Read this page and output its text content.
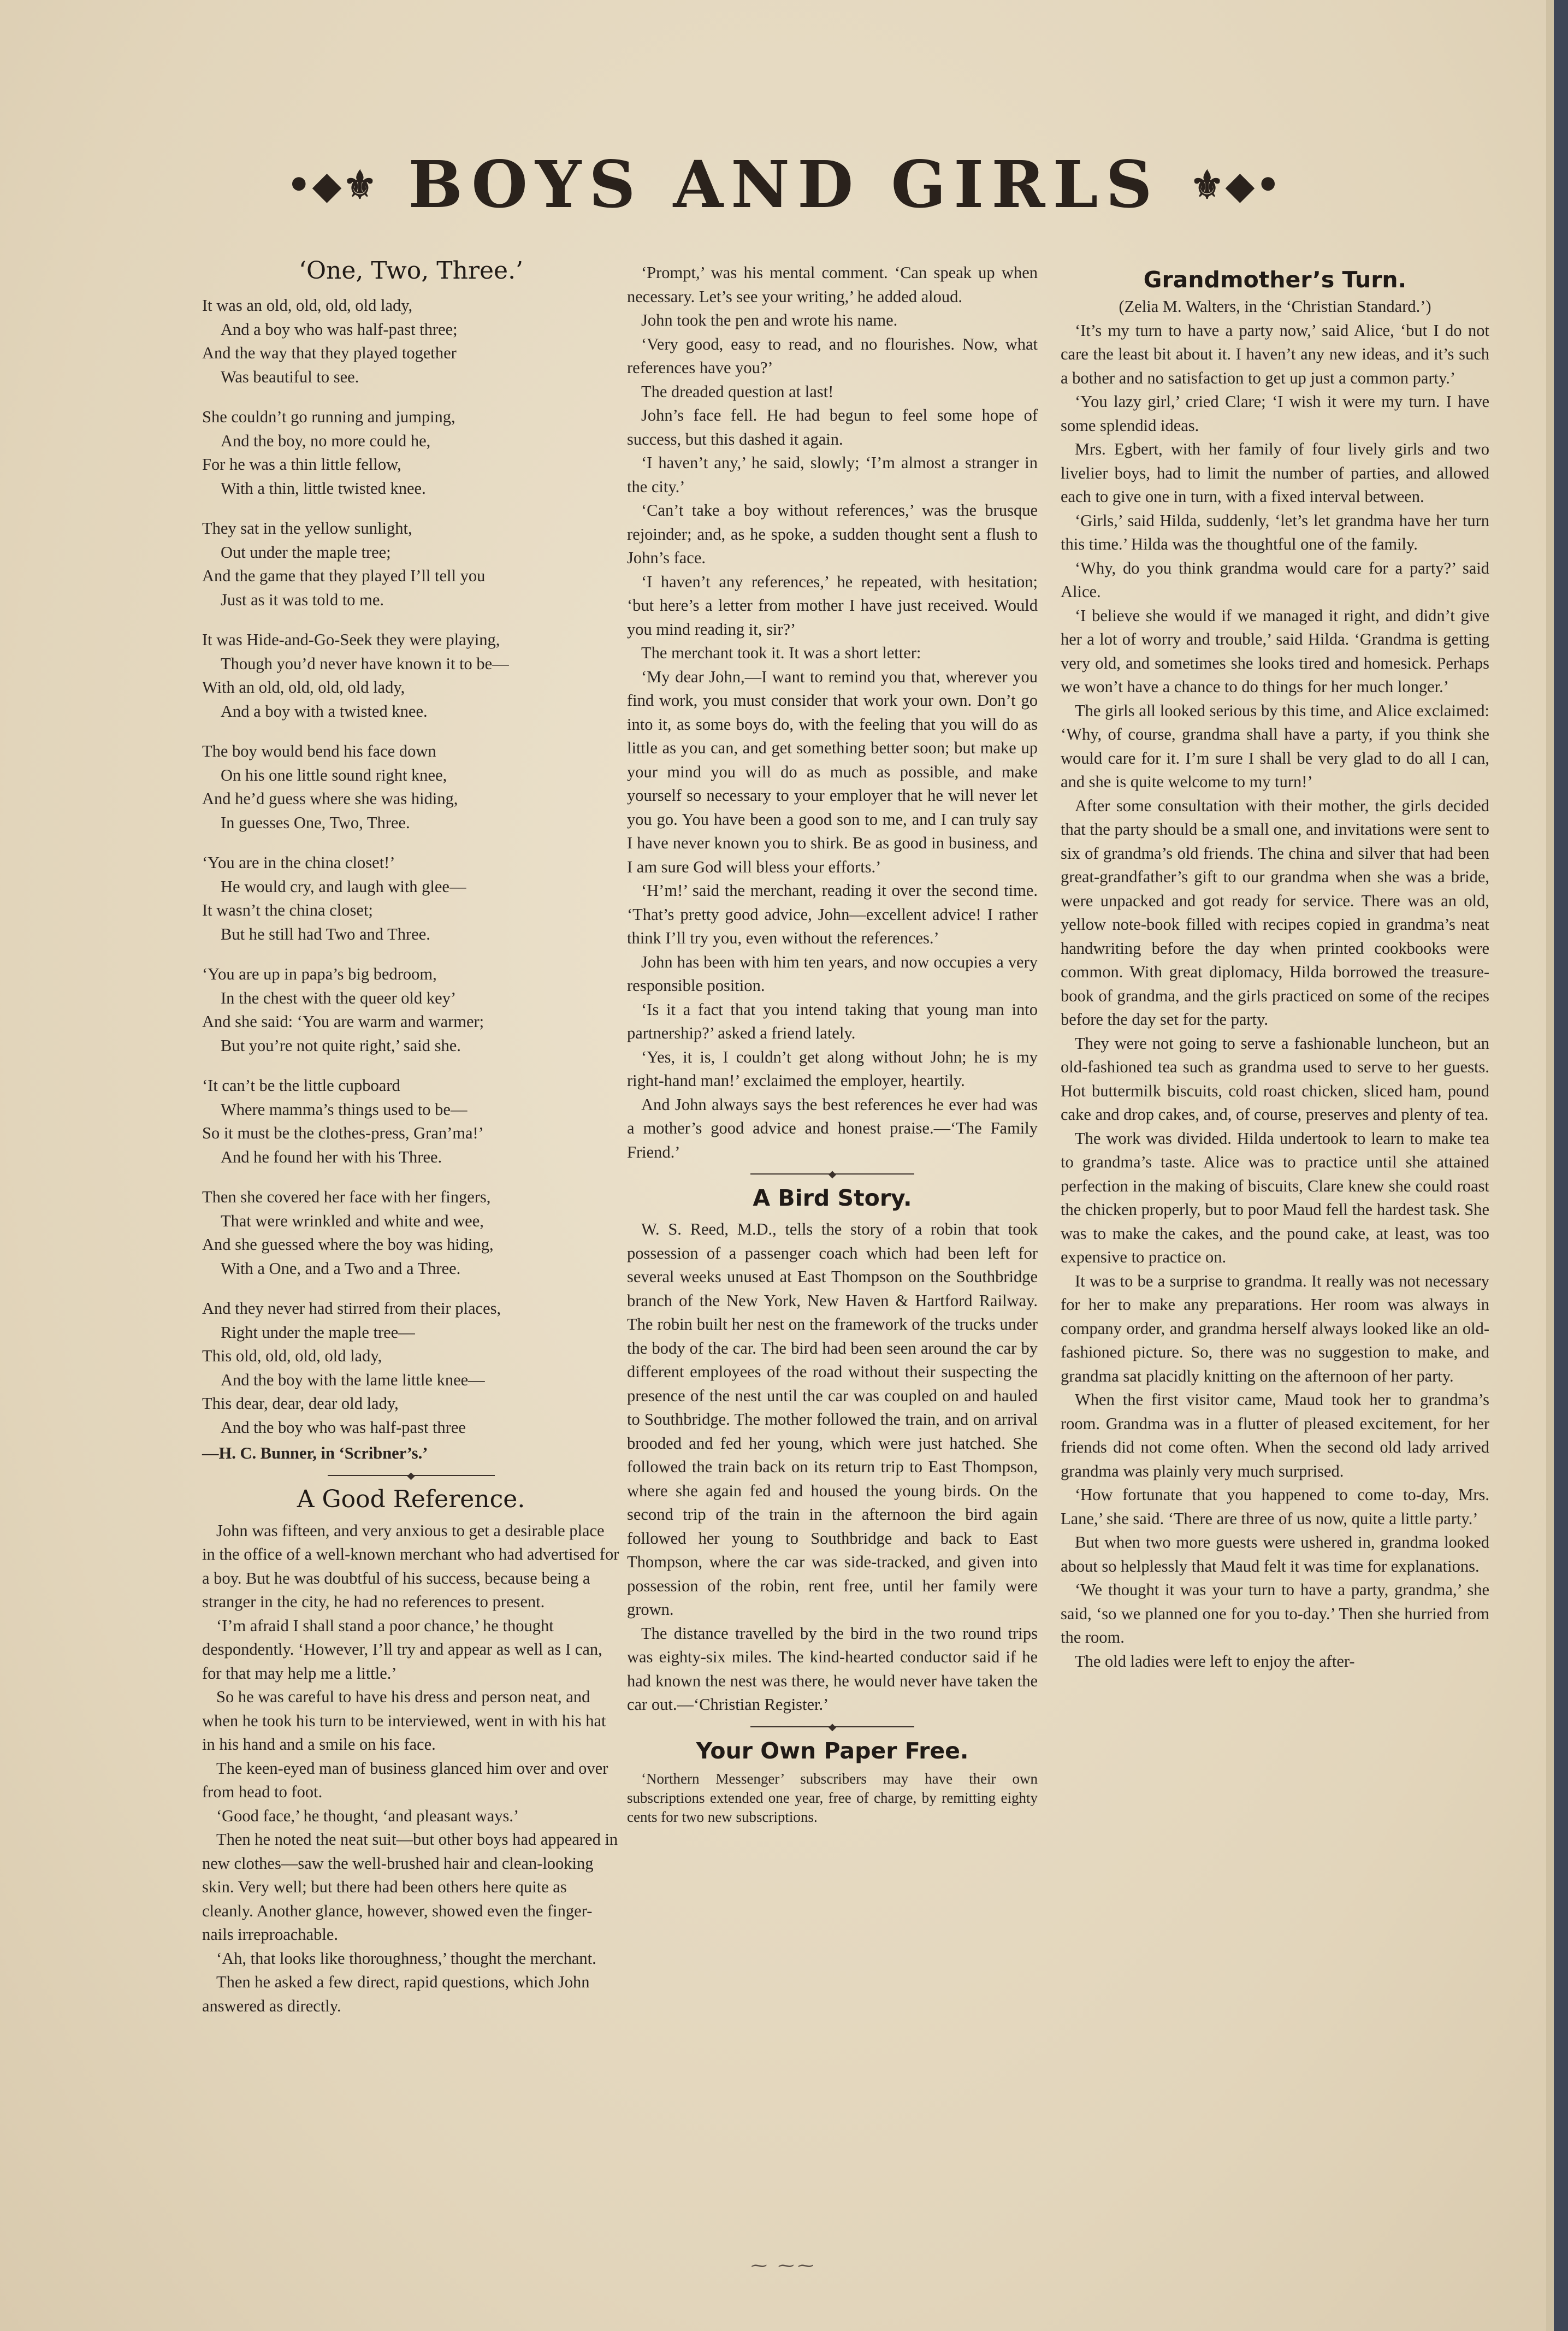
•◆⚜ BOYS AND GIRLS ⚜◆•
‘One, Two, Three.’

It was an old, old, old, old lady,

And a boy who was half-past three;

And the way that they played together

Was beautiful to see.

She couldn’t go running and jumping,

And the boy, no more could he,

For he was a thin little fellow,

With a thin, little twisted knee.

They sat in the yellow sunlight,

Out under the maple tree;

And the game that they played I’ll tell you

Just as it was told to me.

It was Hide-and-Go-Seek they were playing,

Though you’d never have known it to be—

With an old, old, old, old lady,

And a boy with a twisted knee.

The boy would bend his face down

On his one little sound right knee,

And he’d guess where she was hiding,

In guesses One, Two, Three.

‘You are in the china closet!’

He would cry, and laugh with glee—

It wasn’t the china closet;

But he still had Two and Three.

‘You are up in papa’s big bedroom,

In the chest with the queer old key’

And she said: ‘You are warm and warmer;

But you’re not quite right,’ said she.

‘It can’t be the little cupboard

Where mamma’s things used to be—

So it must be the clothes-press, Gran’ma!’

And he found her with his Three.

Then she covered her face with her fingers,

That were wrinkled and white and wee,

And she guessed where the boy was hiding,

With a One, and a Two and a Three.

And they never had stirred from their places,

Right under the maple tree—

This old, old, old, old lady,

And the boy with the lame little knee—

This dear, dear, dear old lady,

And the boy who was half-past three

—H. C. Bunner, in ‘Scribner’s.’

◆
A Good Reference.

John was fifteen, and very anxious to get a desirable place in the office of a well-known merchant who had advertised for a boy. But he was doubtful of his success, because being a stranger in the city, he had no references to present.

‘I’m afraid I shall stand a poor chance,’ he thought despondently. ‘However, I’ll try and appear as well as I can, for that may help me a little.’

So he was careful to have his dress and person neat, and when he took his turn to be interviewed, went in with his hat in his hand and a smile on his face.

The keen-eyed man of business glanced him over and over from head to foot.

‘Good face,’ he thought, ‘and pleasant ways.’

Then he noted the neat suit—but other boys had appeared in new clothes—saw the well-brushed hair and clean-looking skin. Very well; but there had been others here quite as cleanly. Another glance, however, showed even the finger-nails irreproachable.

‘Ah, that looks like thoroughness,’ thought the merchant.

Then he asked a few direct, rapid questions, which John answered as directly.

‘Prompt,’ was his mental comment. ‘Can speak up when necessary. Let’s see your writing,’ he added aloud.

John took the pen and wrote his name.

‘Very good, easy to read, and no flourishes. Now, what references have you?’

The dreaded question at last!

John’s face fell. He had begun to feel some hope of success, but this dashed it again.

‘I haven’t any,’ he said, slowly; ‘I’m almost a stranger in the city.’

‘Can’t take a boy without references,’ was the brusque rejoinder; and, as he spoke, a sudden thought sent a flush to John’s face.

‘I haven’t any references,’ he repeated, with hesitation; ‘but here’s a letter from mother I have just received. Would you mind reading it, sir?’

The merchant took it. It was a short letter:

‘My dear John,—I want to remind you that, wherever you find work, you must consider that work your own. Don’t go into it, as some boys do, with the feeling that you will do as little as you can, and get something better soon; but make up your mind you will do as much as possible, and make yourself so necessary to your employer that he will never let you go. You have been a good son to me, and I can truly say I have never known you to shirk. Be as good in business, and I am sure God will bless your efforts.’

‘H’m!’ said the merchant, reading it over the second time. ‘That’s pretty good advice, John—excellent advice! I rather think I’ll try you, even without the references.’

John has been with him ten years, and now occupies a very responsible position.

‘Is it a fact that you intend taking that young man into partnership?’ asked a friend lately.

‘Yes, it is, I couldn’t get along without John; he is my right-hand man!’ exclaimed the employer, heartily.

And John always says the best references he ever had was a mother’s good advice and honest praise.—‘The Family Friend.’

◆
A Bird Story.

W. S. Reed, M.D., tells the story of a robin that took possession of a passenger coach which had been left for several weeks unused at East Thompson on the Southbridge branch of the New York, New Haven & Hartford Railway. The robin built her nest on the framework of the trucks under the body of the car. The bird had been seen around the car by different employees of the road without their suspecting the presence of the nest until the car was coupled on and hauled to Southbridge. The mother followed the train, and on arrival brooded and fed her young, which were just hatched. She followed the train back on its return trip to East Thompson, where she again fed and housed the young birds. On the second trip of the train in the afternoon the bird again followed her young to Southbridge and back to East Thompson, where the car was side-tracked, and given into possession of the robin, rent free, until her family were grown.

The distance travelled by the bird in the two round trips was eighty-six miles. The kind-hearted conductor said if he had known the nest was there, he would never have taken the car out.—‘Christian Register.’

◆
Your Own Paper Free.

‘Northern Messenger’ subscribers may have their own subscriptions extended one year, free of charge, by remitting eighty cents for two new subscriptions.

Grandmother’s Turn.

(Zelia M. Walters, in the ‘Christian Standard.’)

‘It’s my turn to have a party now,’ said Alice, ‘but I do not care the least bit about it. I haven’t any new ideas, and it’s such a bother and no satisfaction to get up just a common party.’

‘You lazy girl,’ cried Clare; ‘I wish it were my turn. I have some splendid ideas.

Mrs. Egbert, with her family of four lively girls and two livelier boys, had to limit the number of parties, and allowed each to give one in turn, with a fixed interval between.

‘Girls,’ said Hilda, suddenly, ‘let’s let grandma have her turn this time.’ Hilda was the thoughtful one of the family.

‘Why, do you think grandma would care for a party?’ said Alice.

‘I believe she would if we managed it right, and didn’t give her a lot of worry and trouble,’ said Hilda. ‘Grandma is getting very old, and sometimes she looks tired and homesick. Perhaps we won’t have a chance to do things for her much longer.’

The girls all looked serious by this time, and Alice exclaimed: ‘Why, of course, grandma shall have a party, if you think she would care for it. I’m sure I shall be very glad to do all I can, and she is quite welcome to my turn!’

After some consultation with their mother, the girls decided that the party should be a small one, and invitations were sent to six of grandma’s old friends. The china and silver that had been great-grandfather’s gift to our grandma when she was a bride, were unpacked and got ready for service. There was an old, yellow note-book filled with recipes copied in grandma’s neat handwriting before the day when printed cookbooks were common. With great diplomacy, Hilda borrowed the treasure-book of grandma, and the girls practiced on some of the recipes before the day set for the party.

They were not going to serve a fashionable luncheon, but an old-fashioned tea such as grandma used to serve to her guests. Hot buttermilk biscuits, cold roast chicken, sliced ham, pound cake and drop cakes, and, of course, preserves and plenty of tea.

The work was divided. Hilda undertook to learn to make tea to grandma’s taste. Alice was to practice until she attained perfection in the making of biscuits, Clare knew she could roast the chicken properly, but to poor Maud fell the hardest task. She was to make the cakes, and the pound cake, at least, was too expensive to practice on.

It was to be a surprise to grandma. It really was not necessary for her to make any preparations. Her room was always in company order, and grandma herself always looked like an old-fashioned picture. So, there was no suggestion to make, and grandma sat placidly knitting on the afternoon of her party.

When the first visitor came, Maud took her to grandma’s room. Grandma was in a flutter of pleased excitement, for her friends did not come often. When the second old lady arrived grandma was plainly very much surprised.

‘How fortunate that you happened to come to-day, Mrs. Lane,’ she said. ‘There are three of us now, quite a little party.’

But when two more guests were ushered in, grandma looked about so helplessly that Maud felt it was time for explanations.

‘We thought it was your turn to have a party, grandma,’ she said, ‘so we planned one for you to-day.’ Then she hurried from the room.

The old ladies were left to enjoy the after-

⁓ ⁓⁓
